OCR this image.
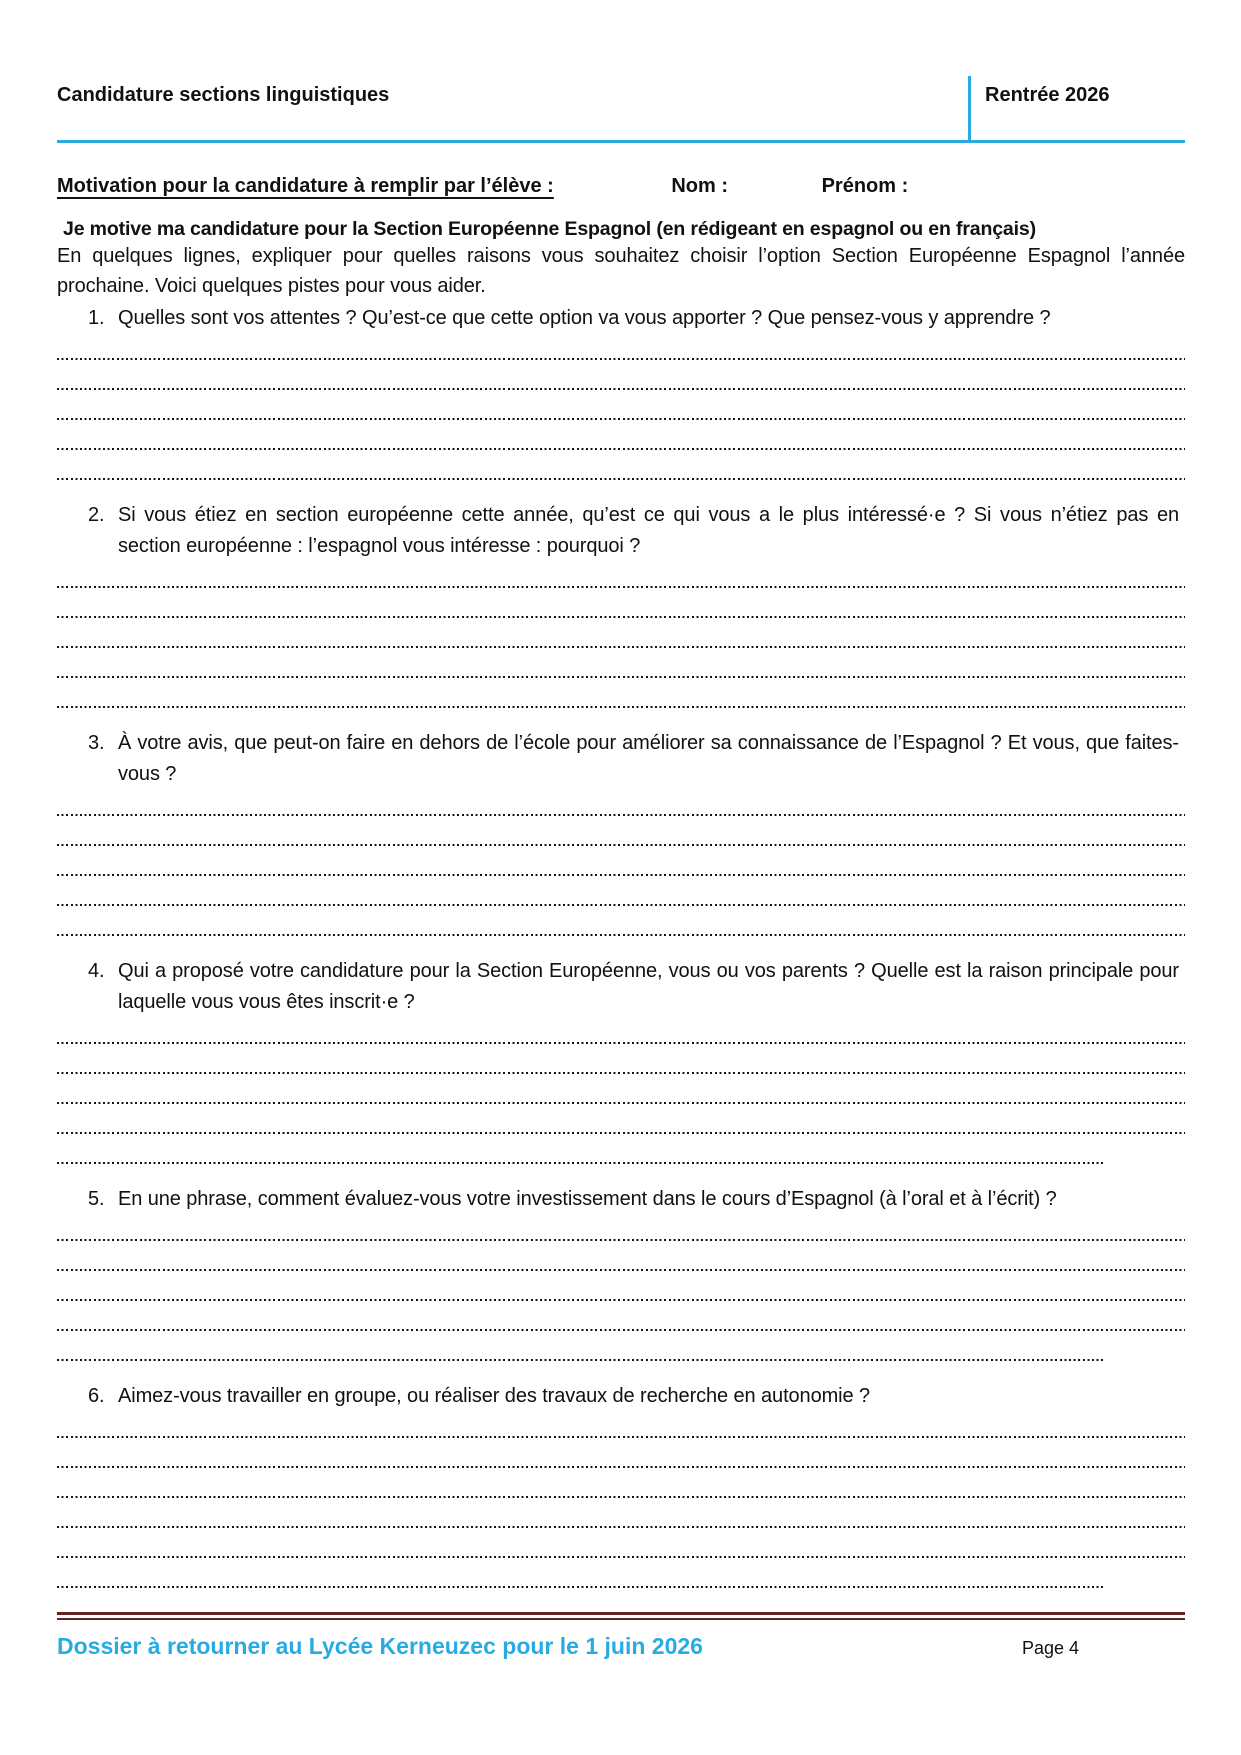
Candidature sections linguistiques	Rentrée 2026
Motivation pour la candidature à remplir par l’élève :	Nom :	Prénom :
Je motive ma candidature pour la Section Européenne Espagnol (en rédigeant en espagnol ou en français)
En quelques lignes, expliquer pour quelles raisons vous souhaitez choisir l’option Section Européenne Espagnol l’année prochaine. Voici quelques pistes pour vous aider.
1. Quelles sont vos attentes ? Qu’est-ce que cette option va vous apporter ? Que pensez-vous y apprendre ?
2. Si vous étiez en section européenne cette année, qu’est ce qui vous a le plus intéressé·e ? Si vous n’étiez pas en section européenne : l’espagnol vous intéresse : pourquoi ?
3. À votre avis, que peut-on faire en dehors de l’école pour améliorer sa connaissance de l’Espagnol ? Et vous, que faites-vous ?
4. Qui a proposé votre candidature pour la Section Européenne, vous ou vos parents ? Quelle est la raison principale pour laquelle vous vous êtes inscrit·e ?
5. En une phrase, comment évaluez-vous votre investissement dans le cours d’Espagnol (à l’oral et à l’écrit) ?
6. Aimez-vous travailler en groupe, ou réaliser des travaux de recherche en autonomie ?
Dossier à retourner au Lycée Kerneuzec pour le 1 juin 2026	Page 4
